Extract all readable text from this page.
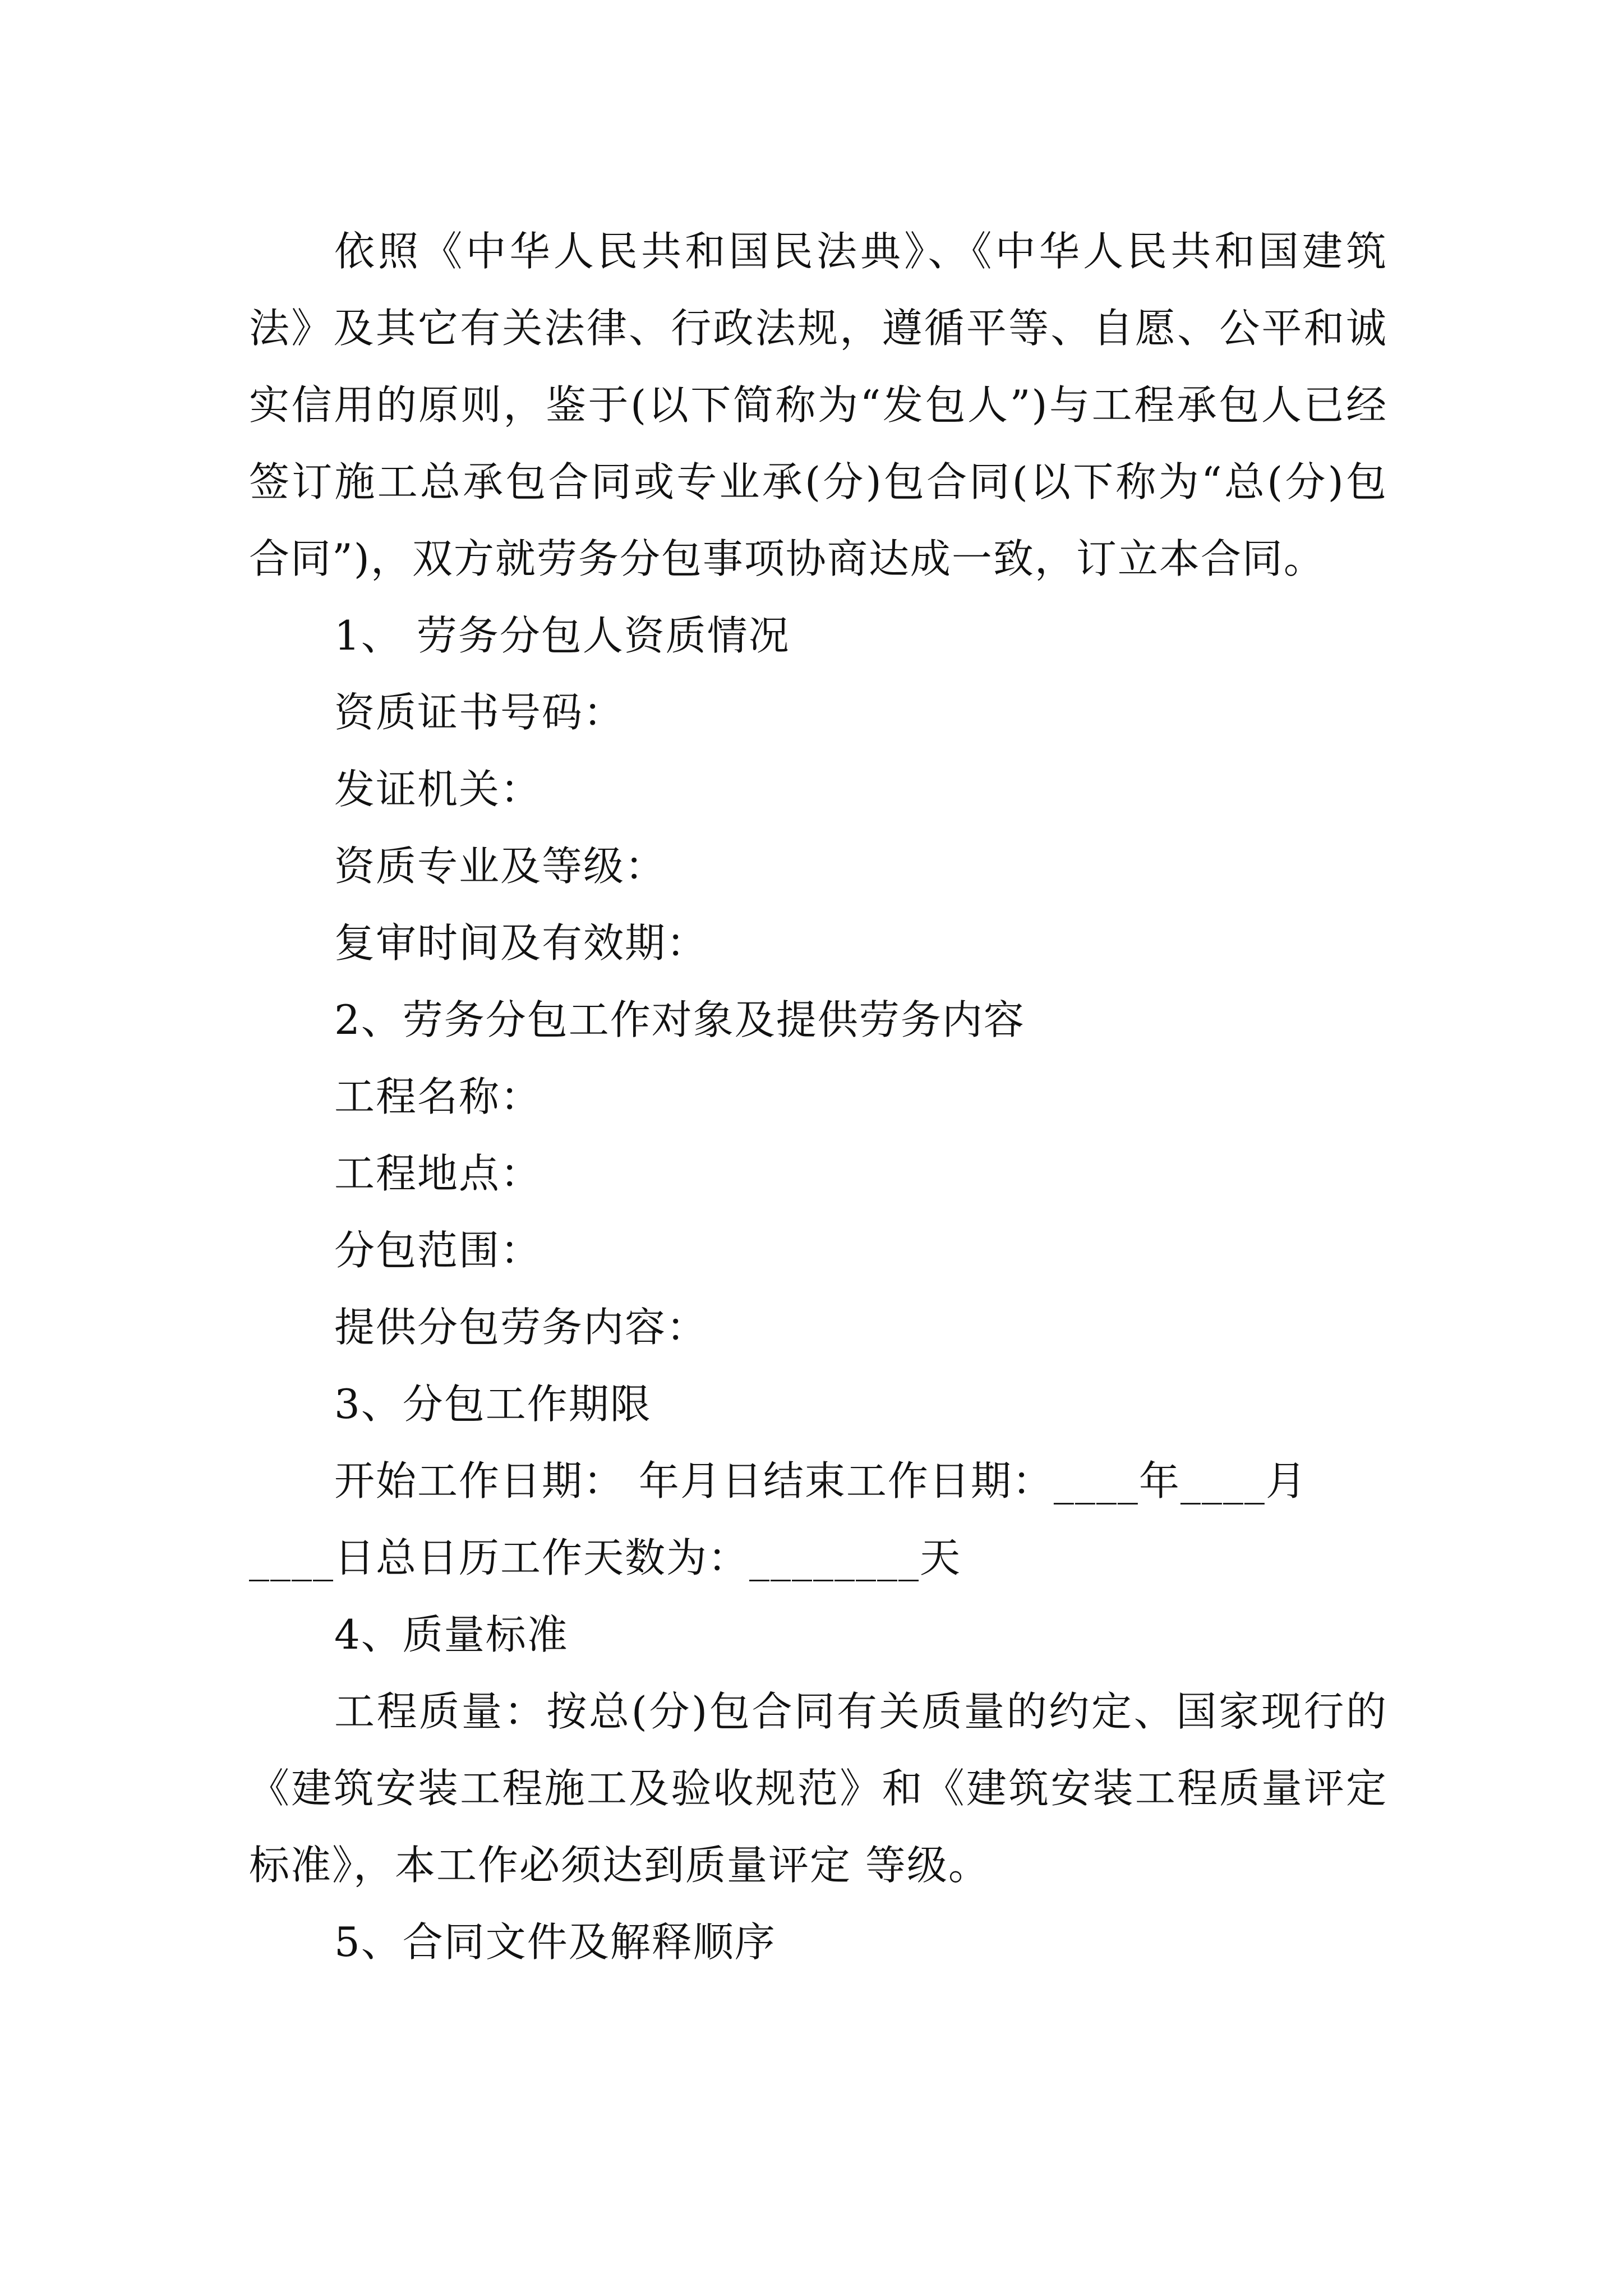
依照《中华人民共和国民法典》、《中华人民共和国建筑法》及其它有关法律、行政法规，遵循平等、自愿、公平和诚实信用的原则，鉴于(以下简称为“发包人”)与工程承包人已经签订施工总承包合同或专业承(分)包合同(以下称为“总(分)包合同”)，双方就劳务分包事项协商达成一致，订立本合同。

1、 劳务分包人资质情况

资质证书号码：

发证机关：

资质专业及等级：

复审时间及有效期：

2、劳务分包工作对象及提供劳务内容

工程名称：

工程地点：

分包范围：

提供分包劳务内容：

3、分包工作期限

开始工作日期： 年月日结束工作日期：____年____月

____日总日历工作天数为：________天

4、质量标准

工程质量：按总(分)包合同有关质量的约定、国家现行的《建筑安装工程施工及验收规范》和《建筑安装工程质量评定标准》，本工作必须达到质量评定 等级。

5、合同文件及解释顺序
